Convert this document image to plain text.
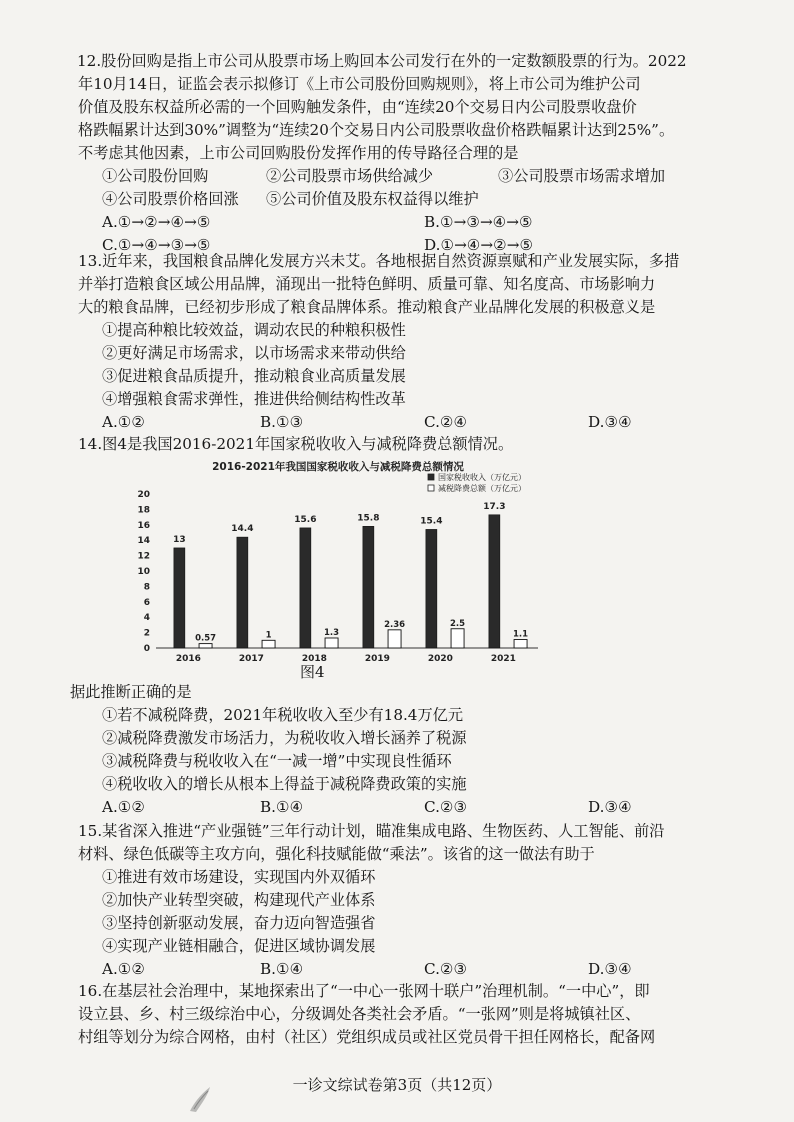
12.股份回购是指上市公司从股票市场上购回本公司发行在外的一定数额股票的行为。2022
年10月14日，证监会表示拟修订《上市公司股份回购规则》，将上市公司为维护公司
价值及股东权益所必需的一个回购触发条件，由“连续20个交易日内公司股票收盘价
格跌幅累计达到30%”调整为“连续20个交易日内公司股票收盘价格跌幅累计达到25%”。
不考虑其他因素，上市公司回购股份发挥作用的传导路径合理的是
①公司股份回购	②公司股票市场供给减少	③公司股票市场需求增加
④公司股票价格回涨 ⑤公司价值及股东权益得以维护
A.①→②→④→⑤	B.①→③→④→⑤
C.①→④→③→⑤	D.①→④→②→⑤
13.近年来，我国粮食品牌化发展方兴未艾。各地根据自然资源禀赋和产业发展实际，多措
并举打造粮食区域公用品牌，涌现出一批特色鲜明、质量可靠、知名度高、市场影响力
大的粮食品牌，已经初步形成了粮食品牌体系。推动粮食产业品牌化发展的积极意义是
①提高种粮比较效益，调动农民的种粮积极性
②更好满足市场需求，以市场需求来带动供给
③促进粮食品质提升，推动粮食业高质量发展
④增强粮食需求弹性，推进供给侧结构性改革
A.①②	B.①③	C.②④	D.③④
14.图4是我国2016-2021年国家税收收入与减税降费总额情况。
2016-2021年我国国家税收收入与减税降费总额情况
国家税收收入（万亿元）
减税降费总额（万亿元）
20
18
16
14
12
10
8
6
4
2
0
13
0.57
2016
14.4
1
2017
15.6
1.3
2018
15.8
2.36
2019
15.4
2.5
2020
17.3
1.1
2021
图4
据此推断正确的是
①若不减税降费，2021年税收收入至少有18.4万亿元
②减税降费激发市场活力，为税收收入增长涵养了税源
③减税降费与税收收入在“一减一增”中实现良性循环
④税收收入的增长从根本上得益于减税降费政策的实施
A.①②	B.①④	C.②③	D.③④
15.某省深入推进“产业强链”三年行动计划，瞄准集成电路、生物医药、人工智能、前沿
材料、绿色低碳等主攻方向，强化科技赋能做“乘法”。该省的这一做法有助于
①推进有效市场建设，实现国内外双循环
②加快产业转型突破，构建现代产业体系
③坚持创新驱动发展，奋力迈向智造强省
④实现产业链相融合，促进区域协调发展
A.①②	B.①④	C.②③	D.③④
16.在基层社会治理中，某地探索出了“一中心一张网十联户”治理机制。“一中心”，即
设立县、乡、村三级综治中心，分级调处各类社会矛盾。“一张网”则是将城镇社区、
村组等划分为综合网格，由村（社区）党组织成员或社区党员骨干担任网格长，配备网
一诊文综试卷第3页（共12页）
